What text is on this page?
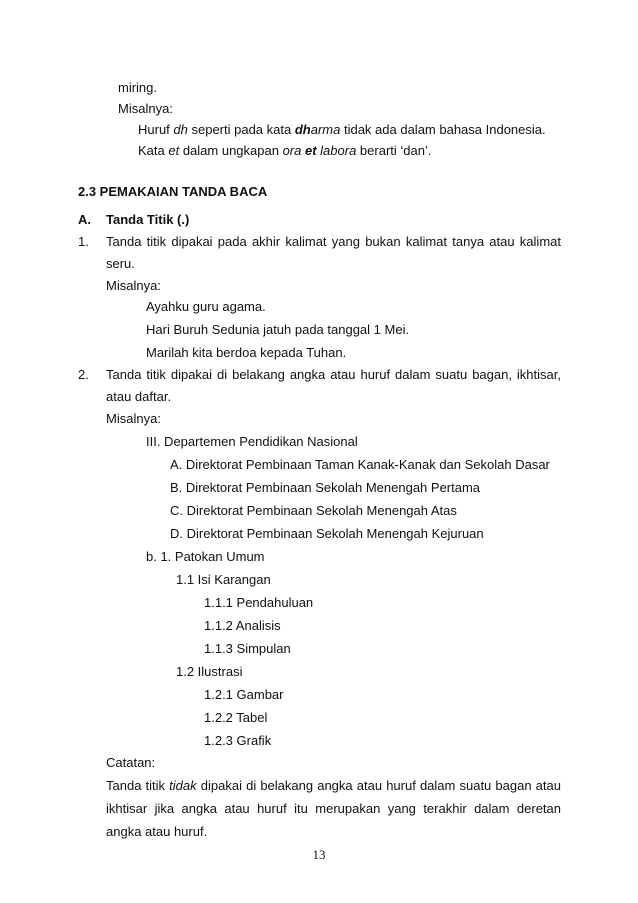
miring.
Misalnya:
Huruf dh seperti pada kata dharma tidak ada dalam bahasa Indonesia.
Kata et dalam ungkapan ora et labora berarti ‘dan’.
2.3 PEMAKAIAN TANDA BACA
A. Tanda Titik (.)
1. Tanda titik dipakai pada akhir kalimat yang bukan kalimat tanya atau kalimat
seru.
Misalnya:
Ayahku guru agama.
Hari Buruh Sedunia jatuh pada tanggal 1 Mei.
Marilah kita berdoa kepada Tuhan.
2. Tanda titik dipakai di belakang angka atau huruf dalam suatu bagan, ikhtisar,
atau daftar.
Misalnya:
III. Departemen Pendidikan Nasional
A. Direktorat Pembinaan Taman Kanak-Kanak dan Sekolah Dasar
B. Direktorat Pembinaan Sekolah Menengah Pertama
C. Direktorat Pembinaan Sekolah Menengah Atas
D. Direktorat Pembinaan Sekolah Menengah Kejuruan
b. 1. Patokan Umum
1.1 Isi Karangan
1.1.1 Pendahuluan
1.1.2 Analisis
1.1.3 Simpulan
1.2 Ilustrasi
1.2.1 Gambar
1.2.2 Tabel
1.2.3 Grafik
Catatan:
Tanda titik tidak dipakai di belakang angka atau huruf dalam suatu bagan atau
ikhtisar jika angka atau huruf itu merupakan yang terakhir dalam deretan
angka atau huruf.
13
